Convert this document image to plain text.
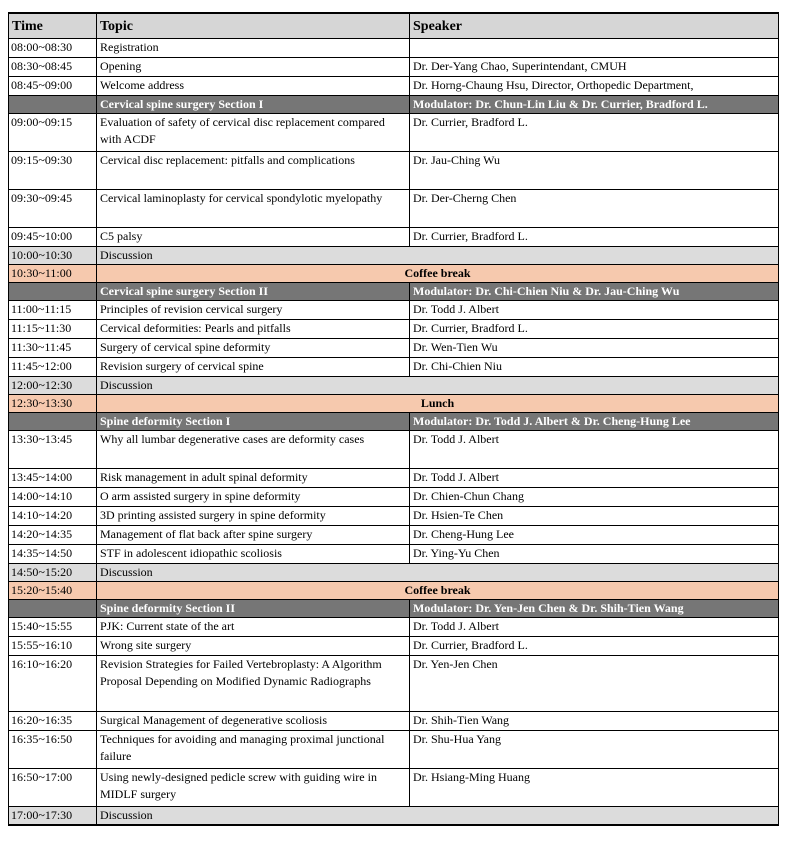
Time	Topic	Speaker
08:00~08:30	Registration	
08:30~08:45	Opening	Dr. Der-Yang Chao, Superintendant, CMUH
08:45~09:00	Welcome address	Dr. Horng-Chaung Hsu, Director, Orthopedic Department,
	Cervical spine surgery Section I	Modulator: Dr. Chun-Lin Liu & Dr. Currier, Bradford L.
09:00~09:15	Evaluation of safety of cervical disc replacement compared with ACDF	Dr. Currier, Bradford L.
09:15~09:30	Cervical disc replacement: pitfalls and complications	Dr. Jau-Ching Wu
09:30~09:45	Cervical laminoplasty for cervical spondylotic myelopathy	Dr. Der-Cherng Chen
09:45~10:00	C5 palsy	Dr. Currier, Bradford L.
10:00~10:30	Discussion	
10:30~11:00	Coffee break	
	Cervical spine surgery Section II	Modulator: Dr. Chi-Chien Niu & Dr. Jau-Ching Wu
11:00~11:15	Principles of revision cervical surgery	Dr. Todd J. Albert
11:15~11:30	Cervical deformities: Pearls and pitfalls	Dr. Currier, Bradford L.
11:30~11:45	Surgery of cervical spine deformity	Dr. Wen-Tien Wu
11:45~12:00	Revision surgery of cervical spine	Dr. Chi-Chien Niu
12:00~12:30	Discussion	
12:30~13:30	Lunch	
	Spine deformity Section I	Modulator: Dr. Todd J. Albert & Dr. Cheng-Hung Lee
13:30~13:45	Why all lumbar degenerative cases are deformity cases	Dr. Todd J. Albert
13:45~14:00	Risk management in adult spinal deformity	Dr. Todd J. Albert
14:00~14:10	O arm assisted surgery in spine deformity	Dr. Chien-Chun Chang
14:10~14:20	3D printing assisted surgery in spine deformity	Dr. Hsien-Te Chen
14:20~14:35	Management of flat back after spine surgery	Dr. Cheng-Hung Lee
14:35~14:50	STF in adolescent idiopathic scoliosis	Dr. Ying-Yu Chen
14:50~15:20	Discussion	
15:20~15:40	Coffee break	
	Spine deformity Section II	Modulator: Dr. Yen-Jen Chen & Dr. Shih-Tien Wang
15:40~15:55	PJK: Current state of the art	Dr. Todd J. Albert
15:55~16:10	Wrong site surgery	Dr. Currier, Bradford L.
16:10~16:20	Revision Strategies for Failed Vertebroplasty: A Algorithm Proposal Depending on Modified Dynamic Radiographs	Dr. Yen-Jen Chen
16:20~16:35	Surgical Management of degenerative scoliosis	Dr. Shih-Tien Wang
16:35~16:50	Techniques for avoiding and managing proximal junctional failure	Dr. Shu-Hua Yang
16:50~17:00	Using newly-designed pedicle screw with guiding wire in MIDLF surgery	Dr. Hsiang-Ming Huang
17:00~17:30	Discussion	
